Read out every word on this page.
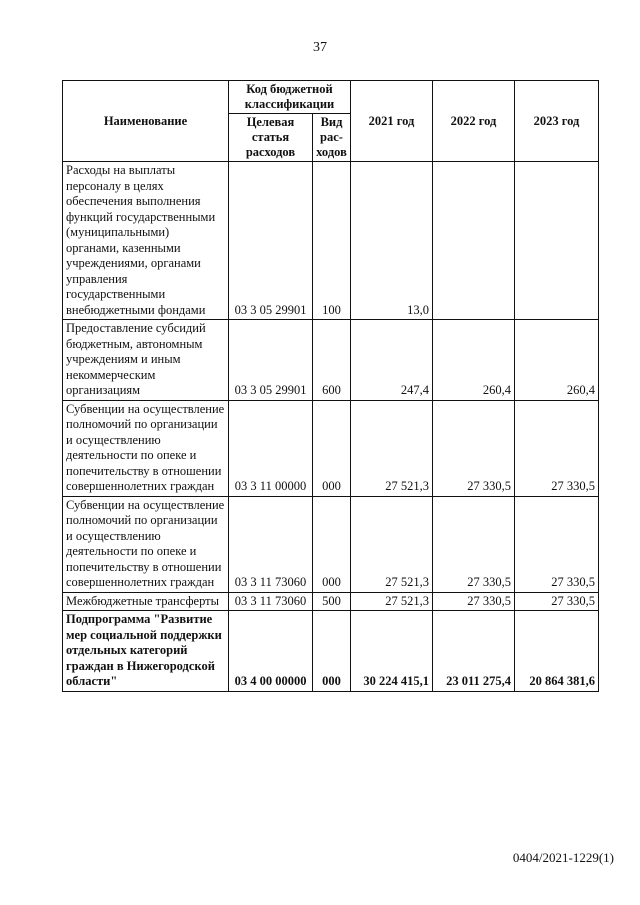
37
Наименование	Код бюджетной классификации		2021 год	2022 год	2023 год
	Целевая статья расходов	Вид рас-ходов			
Расходы на выплаты персоналу в целях обеспечения выполнения функций государственными (муниципальными) органами, казенными учреждениями, органами управления государственными внебюджетными фондами	03 3 05 29901	100	13,0		
Предоставление субсидий бюджетным, автономным учреждениям и иным некоммерческим организациям	03 3 05 29901	600	247,4	260,4	260,4
Субвенции на осуществление полномочий по организации и осуществлению деятельности по опеке и попечительству в отношении совершеннолетних граждан	03 3 11 00000	000	27 521,3	27 330,5	27 330,5
Субвенции на осуществление полномочий по организации и осуществлению деятельности по опеке и попечительству в отношении совершеннолетних граждан	03 3 11 73060	000	27 521,3	27 330,5	27 330,5
Межбюджетные трансферты	03 3 11 73060	500	27 521,3	27 330,5	27 330,5
Подпрограмма "Развитие мер социальной поддержки отдельных категорий граждан в Нижегородской области"	03 4 00 00000	000	30 224 415,1	23 011 275,4	20 864 381,6
0404/2021-1229(1)
